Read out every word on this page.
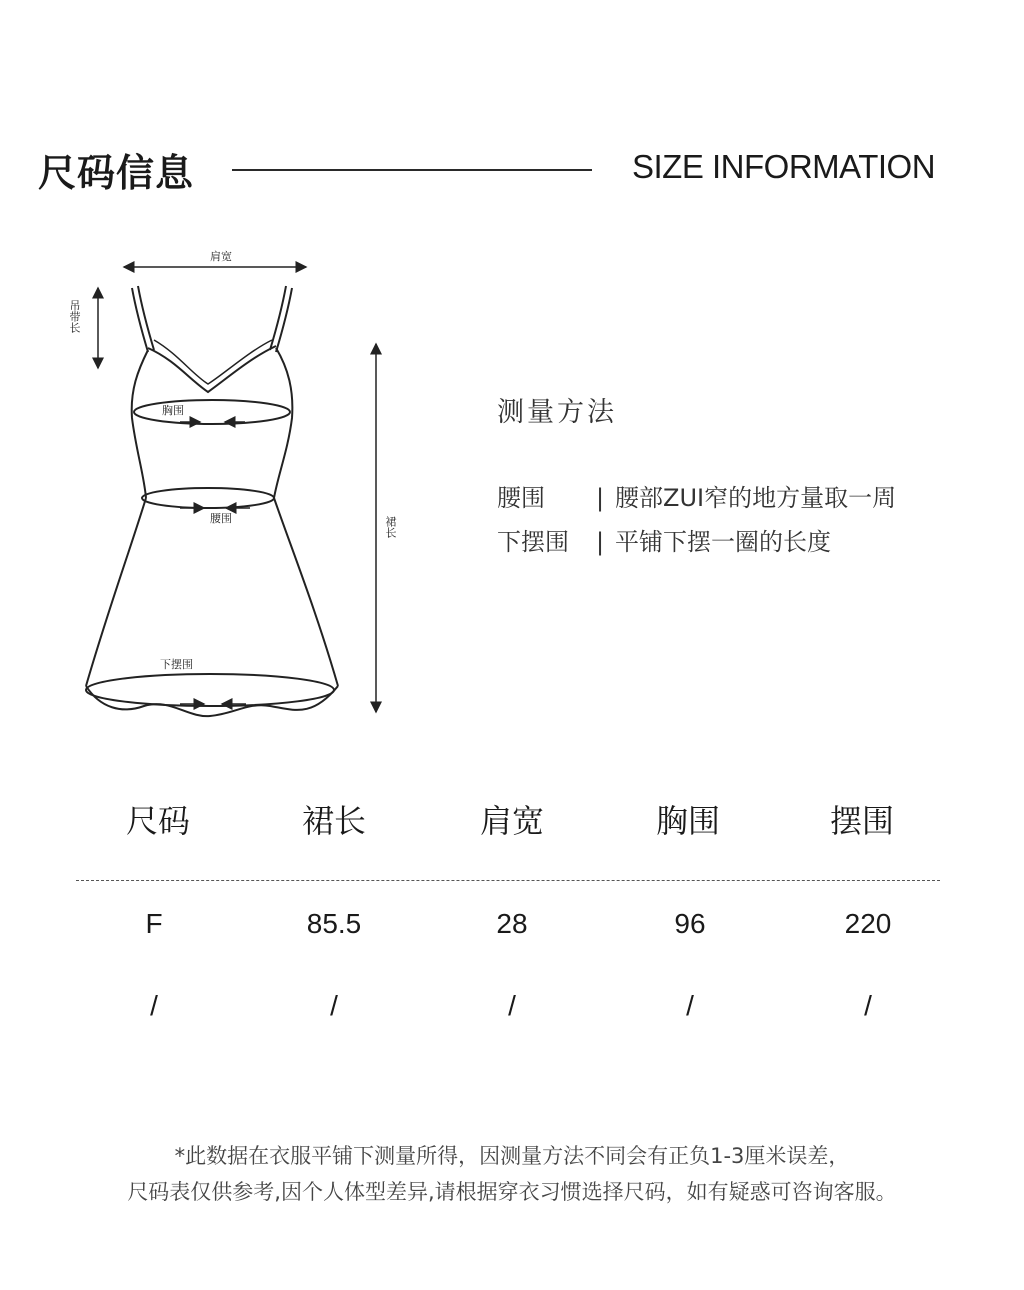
尺码信息	SIZE INFORMATION
肩宽
吊带长
胸围
腰围	裙长
下摆围
测量方法
腰围 | 腰部ZUI窄的地方量取一周
下摆围 | 平铺下摆一圈的长度
尺码	裙长	肩宽	胸围	摆围
F	85.5	28	96	220
/	/	/	/	/
*此数据在衣服平铺下测量所得，因测量方法不同会有正负1-3厘米误差，
尺码表仅供参考,因个人体型差异,请根据穿衣习惯选择尺码，如有疑惑可咨询客服。
